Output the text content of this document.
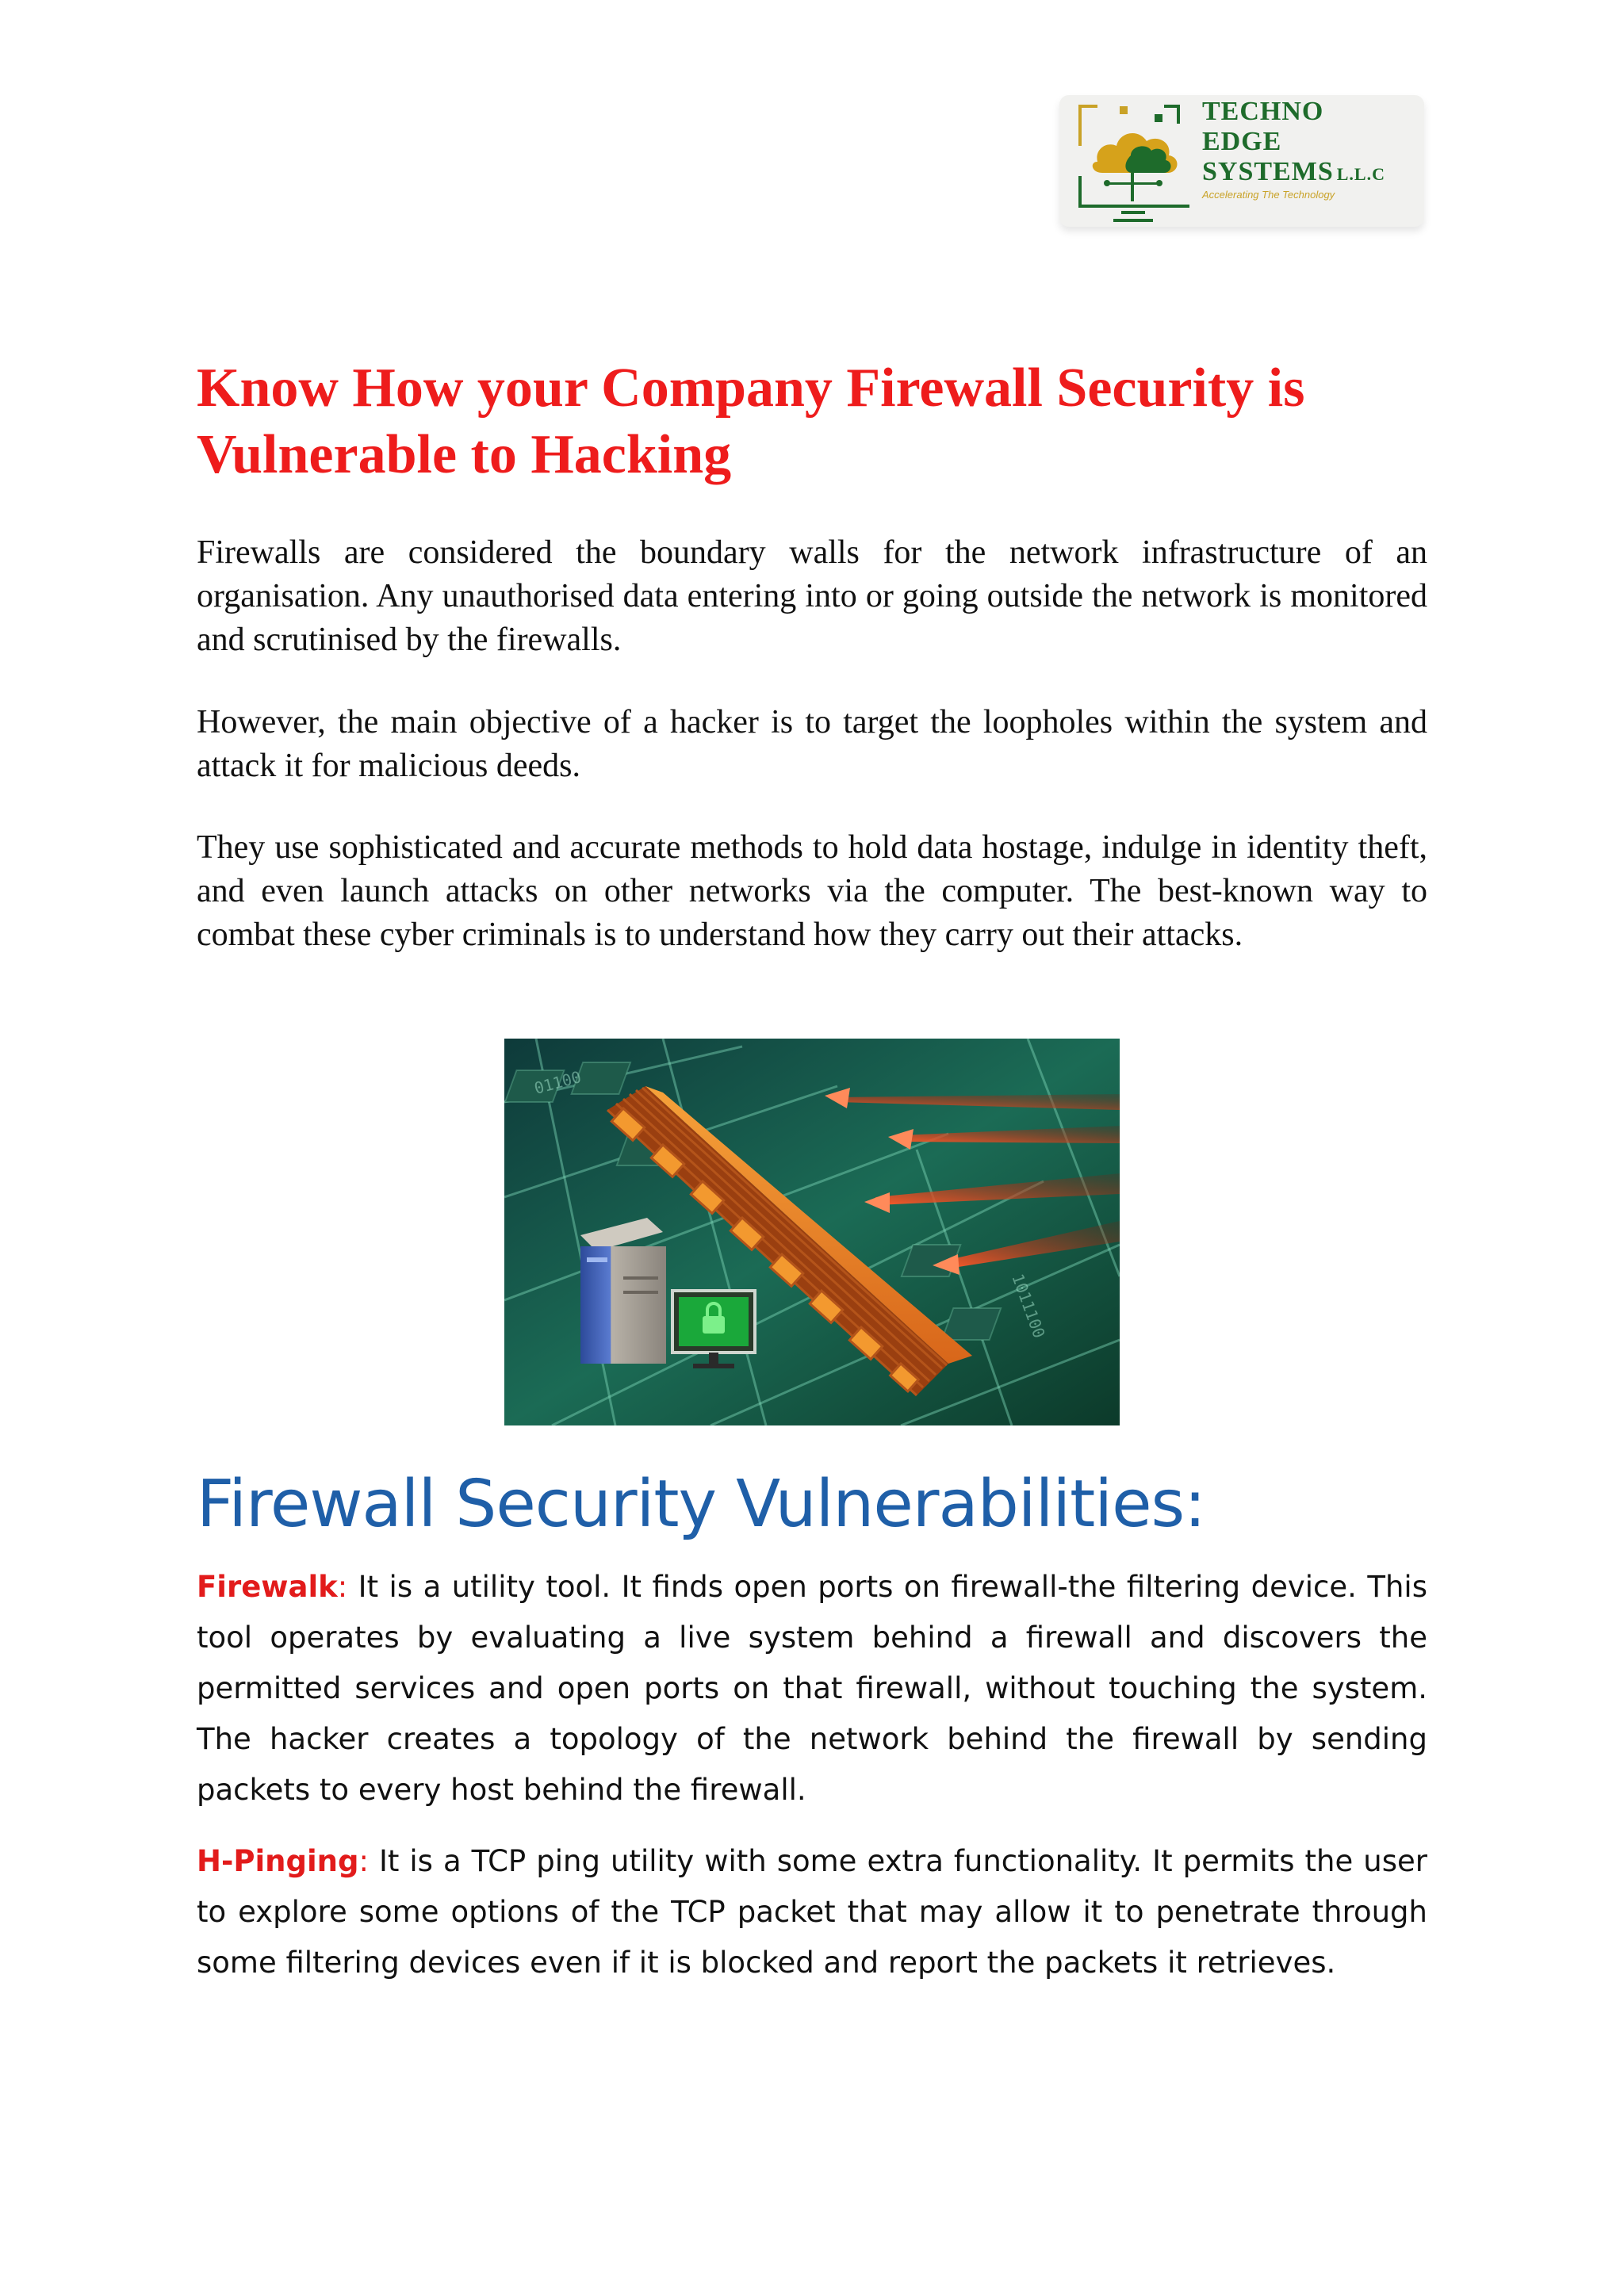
TECHNO
EDGE
SYSTEMS L.L.C
Accelerating The Technology
Know How your Company Firewall Security is Vulnerable to Hacking

Firewalls are considered the boundary walls for the network infrastructure of an organisation. Any unauthorised data entering into or going outside the network is monitored and scrutinised by the firewalls.

However, the main objective of a hacker is to target the loopholes within the system and attack it for malicious deeds.

They use sophisticated and accurate methods to hold data hostage, indulge in identity theft, and even launch attacks on other networks via the computer. The best-known way to combat these cyber criminals is to understand how they carry out their attacks.

01100
1011100
Firewall Security Vulnerabilities:

Firewalk: It is a utility tool. It finds open ports on firewall-the filtering device. This tool operates by evaluating a live system behind a firewall and discovers the permitted services and open ports on that firewall, without touching the system. The hacker creates a topology of the network behind the firewall by sending packets to every host behind the firewall.

H-Pinging: It is a TCP ping utility with some extra functionality. It permits the user to explore some options of the TCP packet that may allow it to penetrate through some filtering devices even if it is blocked and report the packets it retrieves.
